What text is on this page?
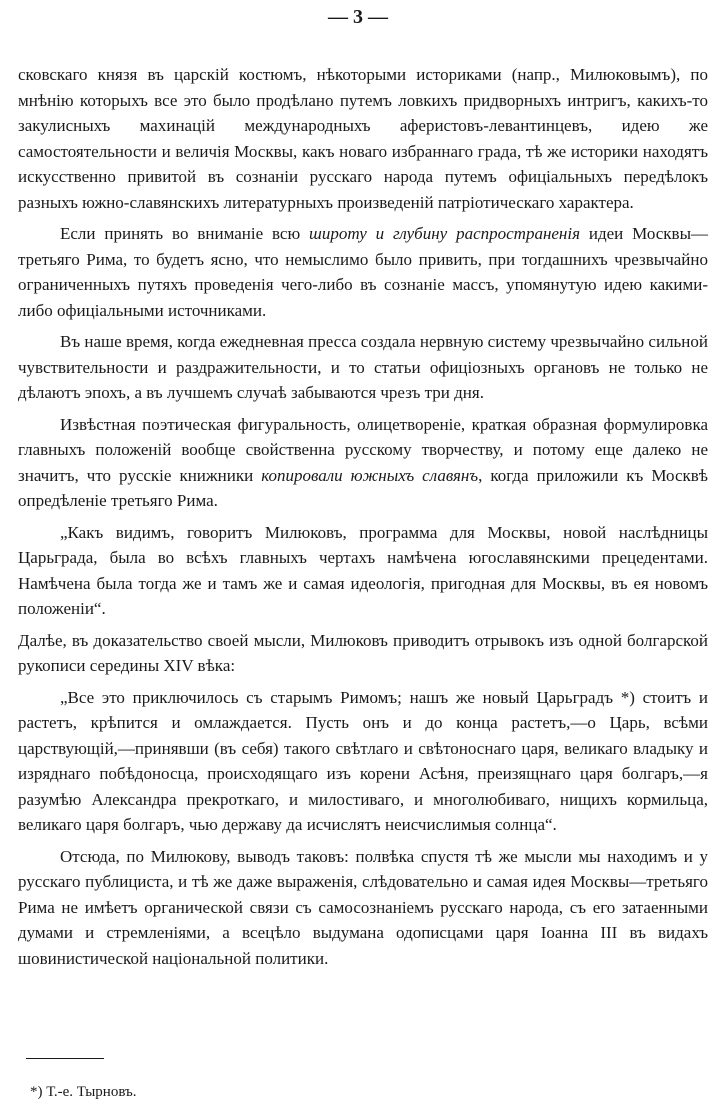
— 3 —

сковскаго князя въ царскій костюмъ, нѣкоторыми историками (напр., Милюковымъ), по мнѣнію которыхъ все это было продѣлано путемъ ловкихъ придворныхъ интригъ, какихъ-то закулисныхъ махинацій международныхъ аферистовъ-левантинцевъ, идею же самостоятельности и величія Москвы, какъ новаго избраннаго града, тѣ же историки находятъ искусственно привитой въ сознаніи русскаго народа путемъ офиціальныхъ передѣлокъ разныхъ южно-славянскихъ литературныхъ произведеній патріотическаго характера.

Если принять во вниманіе всю широту и глубину распространенія идеи Москвы—третьяго Рима, то будетъ ясно, что немыслимо было привить, при тогдашнихъ чрезвычайно ограниченныхъ путяхъ проведенія чего-либо въ сознаніе массъ, упомянутую идею какими-либо офиціальными источниками.

Въ наше время, когда ежедневная пресса создала нервную систему чрезвычайно сильной чувствительности и раздражительности, и то статьи офиціозныхъ органовъ не только не дѣлаютъ эпохъ, а въ лучшемъ случаѣ забываются чрезъ три дня.

Извѣстная поэтическая фигуральность, олицетвореніе, краткая образная формулировка главныхъ положеній вообще свойственна русскому творчеству, и потому еще далеко не значитъ, что русскіе книжники копировали южныхъ славянъ, когда приложили къ Москвѣ опредѣленіе третьяго Рима.

„Какъ видимъ, говоритъ Милюковъ, программа для Москвы, новой наслѣдницы Царьграда, была во всѣхъ главныхъ чертахъ намѣчена югославянскими прецедентами. Намѣчена была тогда же и тамъ же и самая идеологія, пригодная для Москвы, въ ея новомъ положеніи“.

Далѣе, въ доказательство своей мысли, Милюковъ приводитъ отрывокъ изъ одной болгарской рукописи середины XIV вѣка:

„Все это приключилось съ старымъ Римомъ; нашъ же новый Царьградъ *) стоитъ и растетъ, крѣпится и омлаждается. Пусть онъ и до конца растетъ,—о Царь, всѣми царствующій,—принявши (въ себя) такого свѣтлаго и свѣтоноснаго царя, великаго владыку и изряднаго побѣдоносца, происходящаго изъ корени Асѣня, преизящнаго царя болгаръ,—я разумѣю Александра прекроткаго, и милостиваго, и многолюбиваго, нищихъ кормильца, великаго царя болгаръ, чью державу да исчислятъ неисчислимыя солнца“.

Отсюда, по Милюкову, выводъ таковъ: полвѣка спустя тѣ же мысли мы находимъ и у русскаго публициста, и тѣ же даже выраженія, слѣдовательно и самая идея Москвы—третьяго Рима не имѣетъ органической связи съ самосознаніемъ русскаго народа, съ его затаенными думами и стремленіями, а всецѣло выдумана одописцами царя Іоанна III въ видахъ шовинистической національной политики.

*) Т.-е. Тырновъ.
